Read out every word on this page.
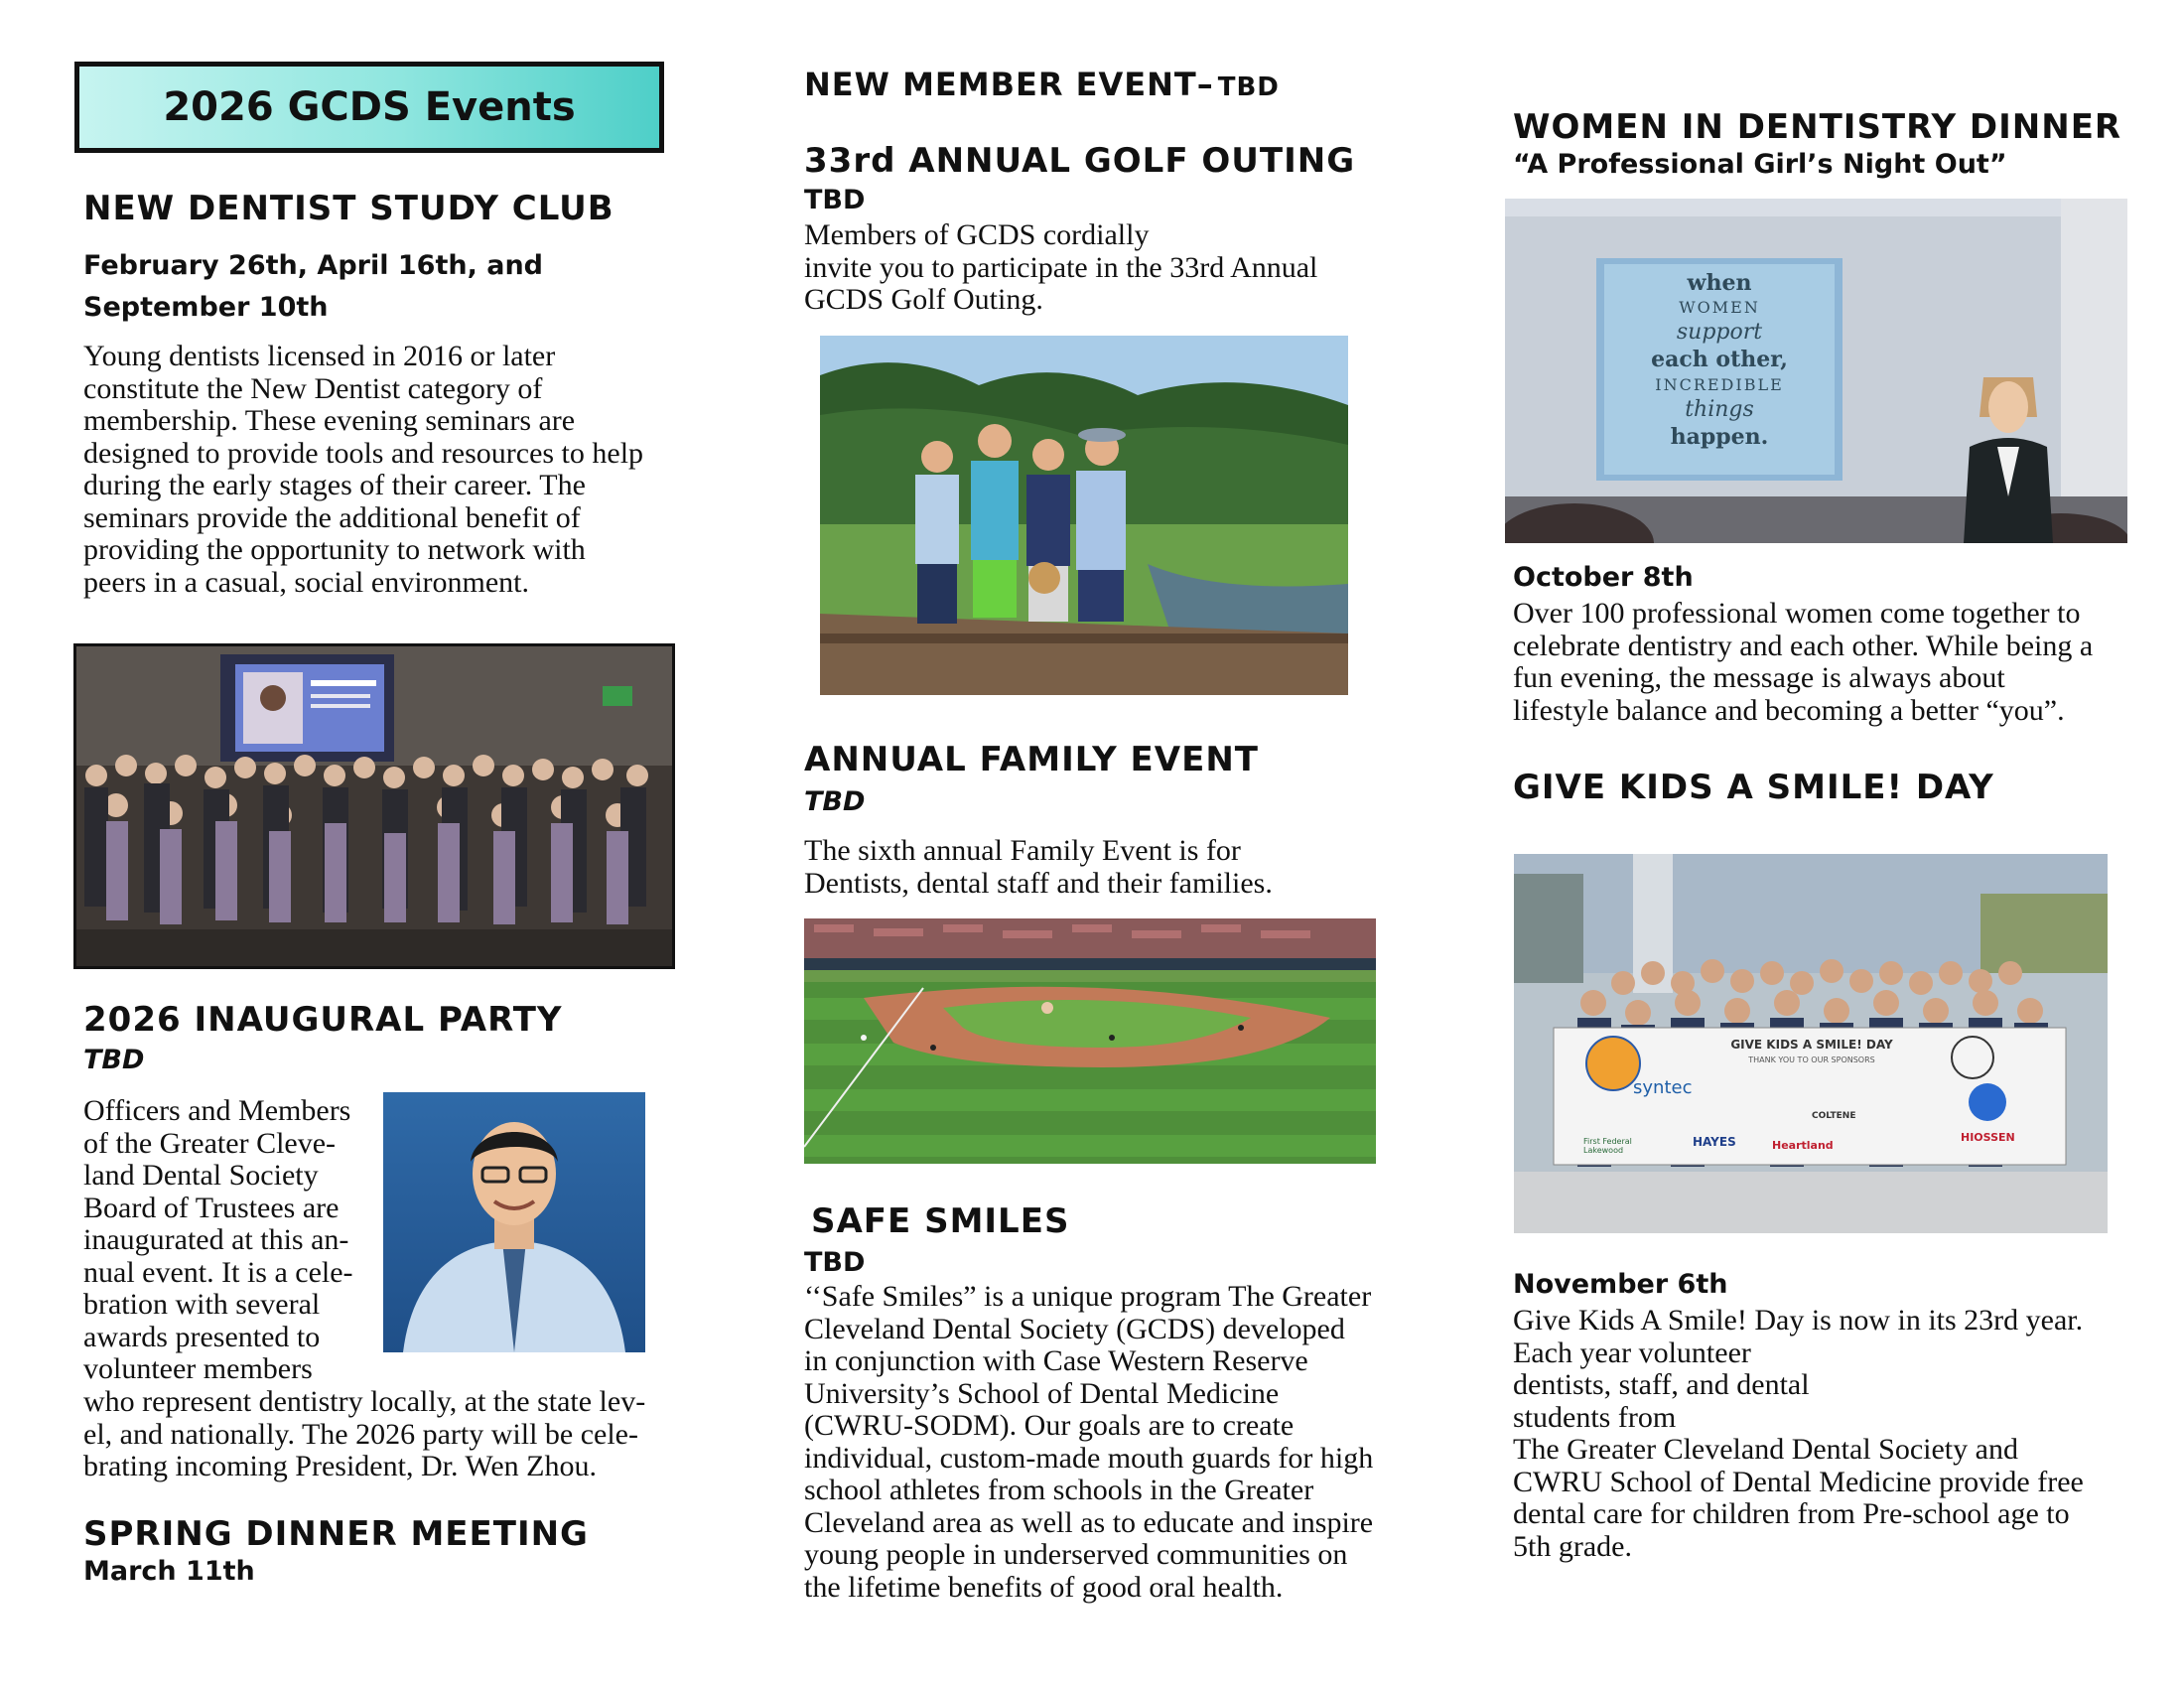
2026 GCDS Events
NEW DENTIST STUDY CLUB
February 26th, April 16th, and
September 10th
Young dentists licensed in 2016 or later
constitute the New Dentist category of
membership. These evening seminars are
designed to provide tools and resources to help
during the early stages of their career. The
seminars provide the additional benefit of
providing the opportunity to network with
peers in a casual, social environment.
2026 INAUGURAL PARTY
TBD
Officers and Members
of the Greater Cleve-
land Dental Society
Board of Trustees are
inaugurated at this an-
nual event. It is a cele-
bration with several
awards presented to
volunteer members
who represent dentistry locally, at the state lev-
el, and nationally. The 2026 party will be cele-
brating incoming President, Dr. Wen Zhou.
SPRING DINNER MEETING
March 11th
NEW MEMBER EVENT– TBD
33rd ANNUAL GOLF OUTING
TBD
Members of GCDS cordially
invite you to participate in the 33rd Annual
GCDS Golf Outing.
ANNUAL FAMILY EVENT
TBD
The sixth annual Family Event is for
Dentists, dental staff and their families.
SAFE SMILES
TBD
‘‘Safe Smiles” is a unique program The Greater
Cleveland Dental Society (GCDS) developed
in conjunction with Case Western Reserve
University’s School of Dental Medicine
(CWRU-SODM). Our goals are to create
individual, custom-made mouth guards for high
school athletes from schools in the Greater
Cleveland area as well as to educate and inspire
young people in underserved communities on
the lifetime benefits of good oral health.
WOMEN IN DENTISTRY DINNER
“A Professional Girl’s Night Out”
when
WOMEN
support
each other,
INCREDIBLE
things
happen.
October 8th
Over 100 professional women come together to
celebrate dentistry and each other. While being a
fun evening, the message is always about
lifestyle balance and becoming a better “you”.
GIVE KIDS A SMILE! DAY
GIVE KIDS A SMILE! DAY
THANK YOU TO OUR SPONSORS
syntec
COLTENE
HAYES	Heartland
HIOSSEN
First Federal Lakewood
November 6th
Give Kids A Smile! Day is now in its 23rd year.
Each year volunteer
dentists, staff, and dental
students from
The Greater Cleveland Dental Society and
CWRU School of Dental Medicine provide free
dental care for children from Pre-school age to
5th grade.
